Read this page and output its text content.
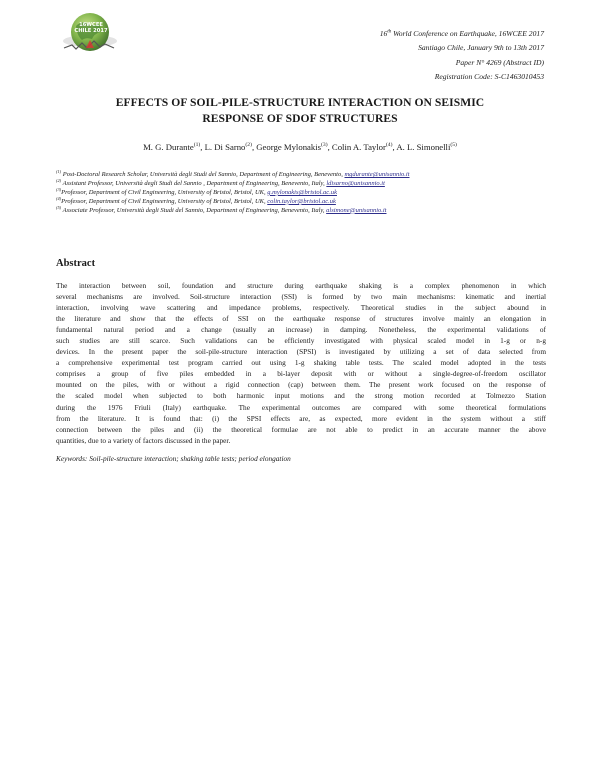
16WCEE
CHILE 2017	16th World Conference on Earthquake, 16WCEE 2017
Santiago Chile, January 9th to 13th 2017
Paper N° 4269 (Abstract ID)
Registration Code: S-C1463010453
EFFECTS OF SOIL-PILE-STRUCTURE INTERACTION ON SEISMIC
RESPONSE OF SDOF STRUCTURES
M. G. Durante$^{(1)}$, L. Di Sarno$^{(2)}$, George Mylonakis$^{(3)}$, Colin A. Taylor$^{(4)}$, A. L. Simonelli$^{(5)}$
$^{(1)}$ Post-Doctoral Research Scholar, Università degli Studi del Sannio, Department of Engineering, Benevento, mgdurante@unisannio.it
$^{(2)}$ Assistant Professor, Università degli Studi del Sannio , Department of Engineering, Benevento, Italy, ldisarno@unisannio.it
$^{(3)}$Professor, Department of Civil Engineering, University of Bristol, Bristol, UK, g.mylonakis@bristol.ac.uk
$^{(4)}$Professor, Department of Civil Engineering, University of Bristol, Bristol, UK, colin.taylor@bristol.ac.uk
$^{(5)}$ Associate Professor, Università degli Studi del Sannio, Department of Engineering, Benevento, Italy, alsimone@unisannio.it
Abstract
The interaction between soil, foundation and structure during earthquake shaking is a complex phenomenon in which
several mechanisms are involved. Soil-structure interaction (SSI) is formed by two main mechanisms: kinematic and inertial
interaction, involving wave scattering and impedance problems, respectively. Theoretical studies in the subject abound in
the literature and show that the effects of SSI on the earthquake response of structures involve mainly an elongation in
fundamental natural period and a change (usually an increase) in damping. Nonetheless, the experimental validations of
such studies are still scarce. Such validations can be efficiently investigated with physical scaled model in 1-g or n-g
devices. In the present paper the soil-pile-structure interaction (SPSI) is investigated by utilizing a set of data selected from
a comprehensive experimental test program carried out using 1-g shaking table tests. The scaled model adopted in the tests
comprises a group of five piles embedded in a bi-layer deposit with or without a single-degree-of-freedom oscillator
mounted on the piles, with or without a rigid connection (cap) between them. The present work focused on the response of
the scaled model when subjected to both harmonic input motions and the strong motion recorded at Tolmezzo Station
during the 1976 Friuli (Italy) earthquake. The experimental outcomes are compared with some theoretical formulations
from the literature. It is found that: (i) the SPSI effects are, as expected, more evident in the system without a stiff
connection between the piles and (ii) the theoretical formulae are not able to predict in an accurate manner the above
quantities, due to a variety of factors discussed in the paper.
Keywords: Soil-pile-structure interaction; shaking table tests; period elongation
